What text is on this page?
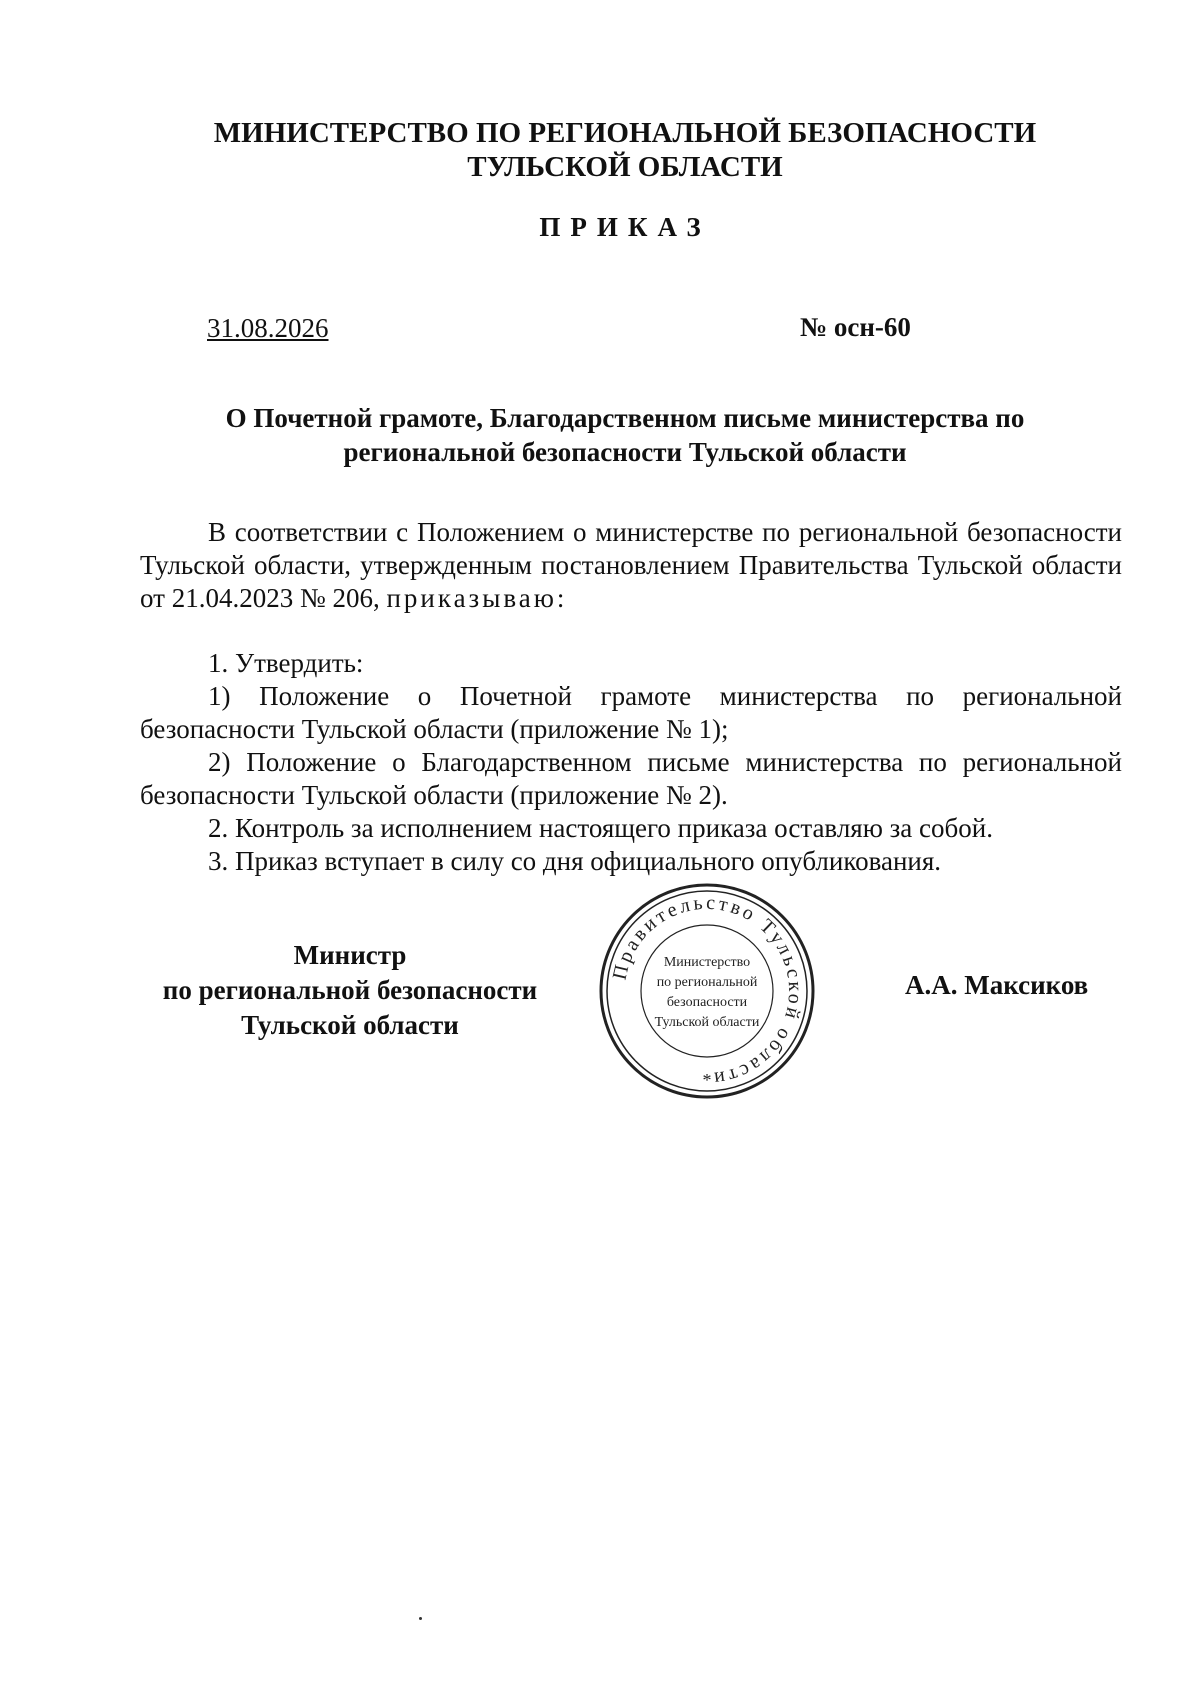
МИНИСТЕРСТВО ПО РЕГИОНАЛЬНОЙ БЕЗОПАСНОСТИ
ТУЛЬСКОЙ ОБЛАСТИ
ПРИКАЗ
31.08.2026	№ осн-60
О Почетной грамоте, Благодарственном письме министерства по региональной безопасности Тульской области
В соответствии с Положением о министерстве по региональной безопасности Тульской области, утвержденным постановлением Правительства Тульской области от 21.04.2023 № 206, приказываю:

1. Утвердить:

1) Положение о Почетной грамоте министерства по региональной безопасности Тульской области (приложение № 1);

2) Положение о Благодарственном письме министерства по региональной безопасности Тульской области (приложение № 2).

2. Контроль за исполнением настоящего приказа оставляю за собой.

3. Приказ вступает в силу со дня официального опубликования.

Министр
по региональной безопасности
Тульской области
Правительство Тульской области
Министерство
по региональной
безопасности
Тульской области
*
А.А. Максиков
